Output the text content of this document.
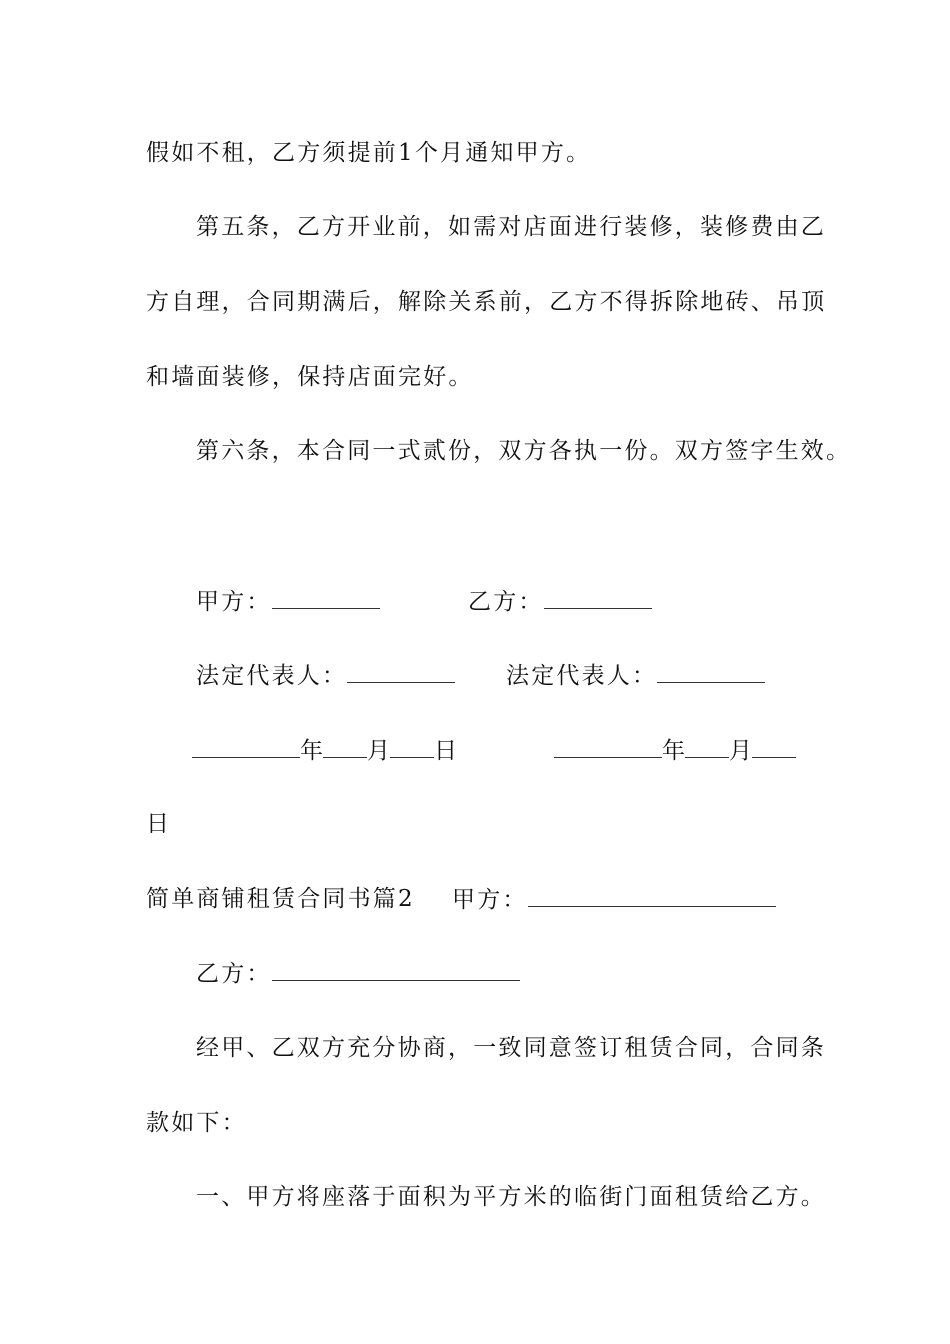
假如不租，乙方须提前1个月通知甲方。
第五条，乙方开业前，如需对店面进行装修，装修费由乙
方自理，合同期满后，解除关系前，乙方不得拆除地砖、吊顶
和墙面装修，保持店面完好。
第六条，本合同一式贰份，双方各执一份。双方签字生效。
甲方：	乙方：
法定代表人：	法定代表人：
年 月 日	年 月
日
简单商铺租赁合同书篇2 甲方：
乙方：
经甲、乙双方充分协商，一致同意签订租赁合同，合同条
款如下：
一、甲方将座落于面积为平方米的临街门面租赁给乙方。
